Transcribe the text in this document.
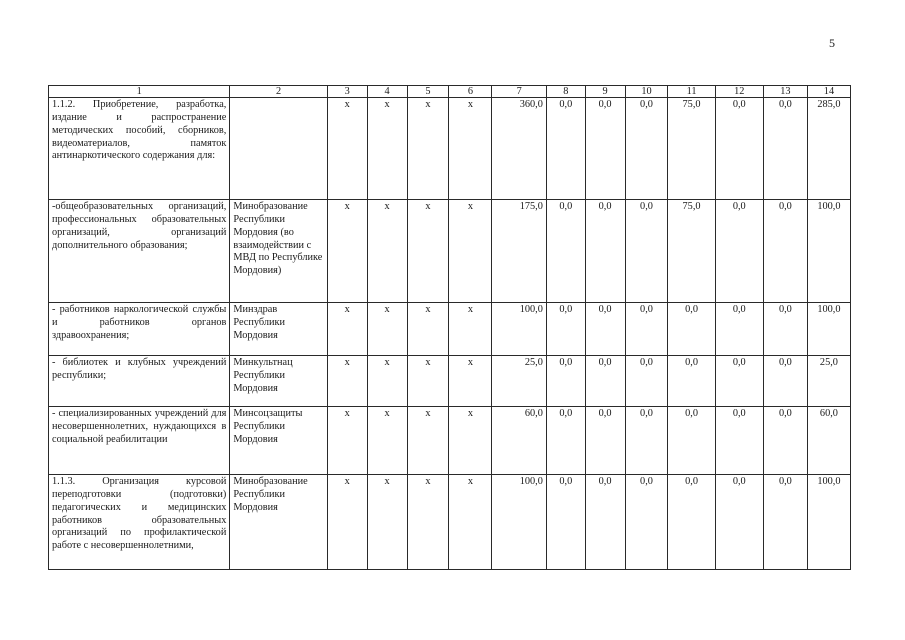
5
1	2	3	4	5	6	7	8	9	10	11	12	13	14
1.1.2. Приобретение, разработка, издание и распространение методических пособий, сборников, видеоматериалов, памяток антинаркотического содержания для:		x	x	x	x	360,0	0,0	0,0	0,0	75,0	0,0	0,0	285,0
-общеобразовательных организаций, профессиональных образовательных организаций, организаций дополнительного образования;	Минобразование Республики Мордовия (во взаимодействии с МВД по Республике Мордовия)	x	x	x	x	175,0	0,0	0,0	0,0	75,0	0,0	0,0	100,0
- работников наркологической службы и работников органов здравоохранения;	Минздрав Республики Мордовия	x	x	x	x	100,0	0,0	0,0	0,0	0,0	0,0	0,0	100,0
- библиотек и клубных учреждений республики;	Минкультнац Республики Мордовия	x	x	x	x	25,0	0,0	0,0	0,0	0,0	0,0	0,0	25,0
- специализированных учреждений для несовершеннолетних, нуждающихся в социальной реабилитации	Минсоцзащиты Республики Мордовия	x	x	x	x	60,0	0,0	0,0	0,0	0,0	0,0	0,0	60,0
1.1.3. Организация курсовой переподготовки (подготовки) педагогических и медицинских работников образовательных организаций по профилактической работе с несовершеннолетними,	Минобразование Республики Мордовия	x	x	x	x	100,0	0,0	0,0	0,0	0,0	0,0	0,0	100,0
